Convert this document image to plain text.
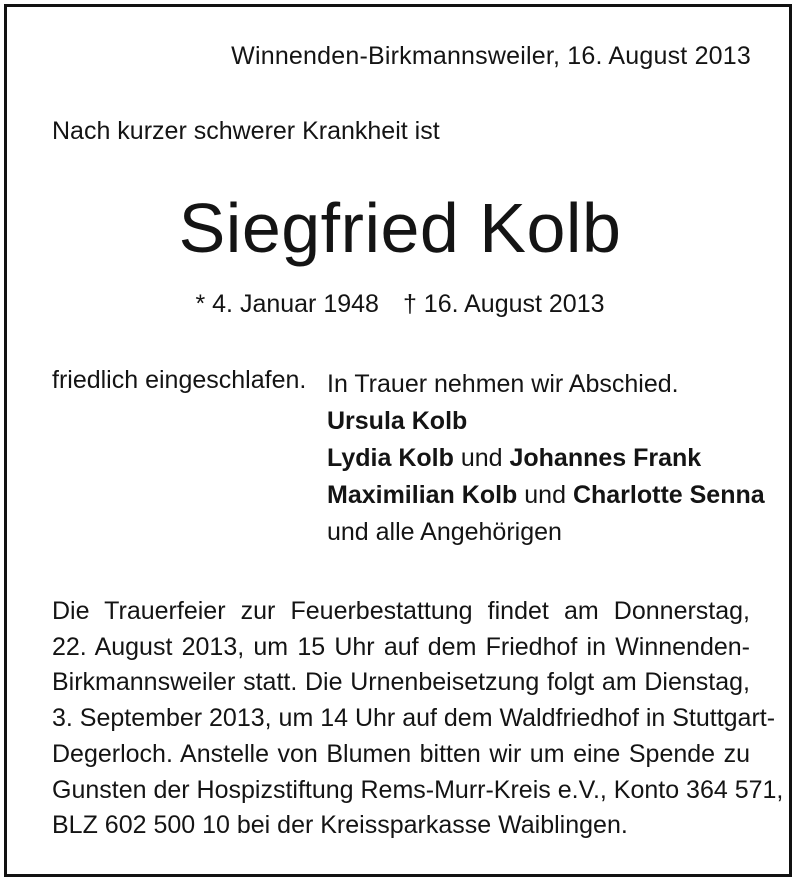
Winnenden-Birkmannsweiler, 16. August 2013
Nach kurzer schwerer Krankheit ist
Siegfried Kolb
* 4. Januar 1948 † 16. August 2013
friedlich eingeschlafen. In Trauer nehmen wir Abschied.
Ursula Kolb
Lydia Kolb und Johannes Frank
Maximilian Kolb und Charlotte Senna
und alle Angehörigen
Die Trauerfeier zur Feuerbestattung findet am Donnerstag,
22. August 2013, um 15 Uhr auf dem Friedhof in Winnenden-
Birkmannsweiler statt. Die Urnenbeisetzung folgt am Dienstag,
3. September 2013, um 14 Uhr auf dem Waldfriedhof in Stuttgart-
Degerloch. Anstelle von Blumen bitten wir um eine Spende zu
Gunsten der Hospizstiftung Rems-Murr-Kreis e.V., Konto 364 571,
BLZ 602 500 10 bei der Kreissparkasse Waiblingen.
